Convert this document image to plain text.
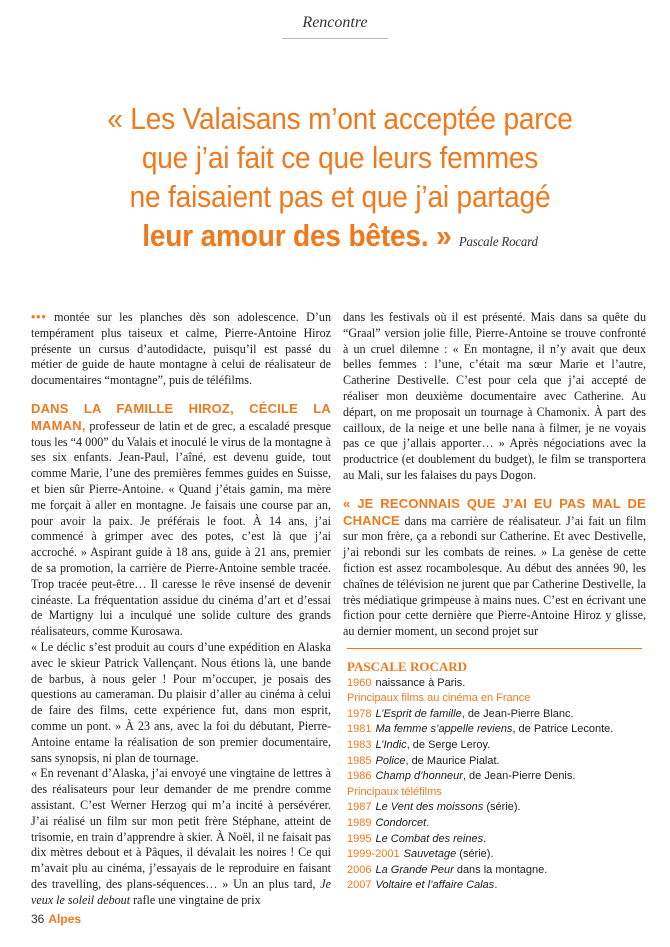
Rencontre
« Les Valaisans m’ont acceptée parce
que j’ai fait ce que leurs femmes
ne faisaient pas et que j’ai partagé
leur amour des bêtes. » Pascale Rocard

••• montée sur les planches dès son adolescence. D’un tempérament plus taiseux et calme, Pierre-Antoine Hiroz présente un cursus d’autodidacte, puisqu’il est passé du métier de guide de haute montagne à celui de réalisateur de documentaires “montagne”, puis de téléfilms.

DANS LA FAMILLE HIROZ, CÉCILE LA MAMAN, professeur de latin et de grec, a escaladé presque tous les “4 000” du Valais et inoculé le virus de la montagne à ses six enfants. Jean-Paul, l’aîné, est devenu guide, tout comme Marie, l’une des premières femmes guides en Suisse, et bien sûr Pierre-Antoine. « Quand j’étais gamin, ma mère me forçait à aller en montagne. Je faisais une course par an, pour avoir la paix. Je préférais le foot. À 14 ans, j’ai commencé à grimper avec des potes, c’est là que j’ai accroché. » Aspirant guide à 18 ans, guide à 21 ans, premier de sa promotion, la carrière de Pierre-Antoine semble tracée. Trop tracée peut-être… Il caresse le rêve insensé de devenir cinéaste. La fréquentation assidue du cinéma d’art et d’essai de Martigny lui a inculqué une solide culture des grands réalisateurs, comme Kurosawa.

« Le déclic s’est produit au cours d’une expédition en Alaska avec le skieur Patrick Vallençant. Nous étions là, une bande de barbus, à nous geler ! Pour m’occuper, je posais des questions au cameraman. Du plaisir d’aller au cinéma à celui de faire des films, cette expérience fut, dans mon esprit, comme un pont. » À 23 ans, avec la foi du débutant, Pierre-Antoine entame la réalisation de son premier documentaire, sans synopsis, ni plan de tournage.

« En revenant d’Alaska, j’ai envoyé une vingtaine de lettres à des réalisateurs pour leur demander de me prendre comme assistant. C’est Werner Herzog qui m’a incité à persévérer. J’ai réalisé un film sur mon petit frère Stéphane, atteint de trisomie, en train d’apprendre à skier. À Noël, il ne faisait pas dix mètres debout et à Pâques, il dévalait les noires ! Ce qui m’avait plu au cinéma, j’essayais de le reproduire en faisant des travelling, des plans-séquences… » Un an plus tard, Je veux le soleil debout rafle une vingtaine de prix

dans les festivals où il est présenté. Mais dans sa quête du “Graal” version jolie fille, Pierre-Antoine se trouve confronté à un cruel dilemne : « En montagne, il n’y avait que deux belles femmes : l’une, c’était ma sœur Marie et l’autre, Catherine Destivelle. C’est pour cela que j’ai accepté de réaliser mon deuxième documentaire avec Catherine. Au départ, on me proposait un tournage à Chamonix. À part des cailloux, de la neige et une belle nana à filmer, je ne voyais pas ce que j’allais apporter… » Après négociations avec la productrice (et doublement du budget), le film se transportera au Mali, sur les falaises du pays Dogon.

« JE RECONNAIS QUE J’AI EU PAS MAL DE CHANCE dans ma carrière de réalisateur. J’ai fait un film sur mon frère, ça a rebondi sur Catherine. Et avec Destivelle, j’ai rebondi sur les combats de reines. » La genèse de cette fiction est assez rocambolesque. Au début des années 90, les chaînes de télévision ne jurent que par Catherine Destivelle, la très médiatique grimpeuse à mains nues. C’est en écrivant une fiction pour cette dernière que Pierre-Antoine Hiroz y glisse, au dernier moment, un second projet sur

PASCALE ROCARD
1960 naissance à Paris.
Principaux films au cinéma en France
1978 L’Esprit de famille, de Jean-Pierre Blanc.
1981 Ma femme s’appelle reviens, de Patrice Leconte.
1983 L’Indic, de Serge Leroy.
1985 Police, de Maurice Pialat.
1986 Champ d’honneur, de Jean-Pierre Denis.
Principaux téléfilms
1987 Le Vent des moissons (série).
1989 Condorcet.
1995 Le Combat des reines.
1999-2001 Sauvetage (série).
2006 La Grande Peur dans la montagne.
2007 Voltaire et l’affaire Calas.
36 Alpes
